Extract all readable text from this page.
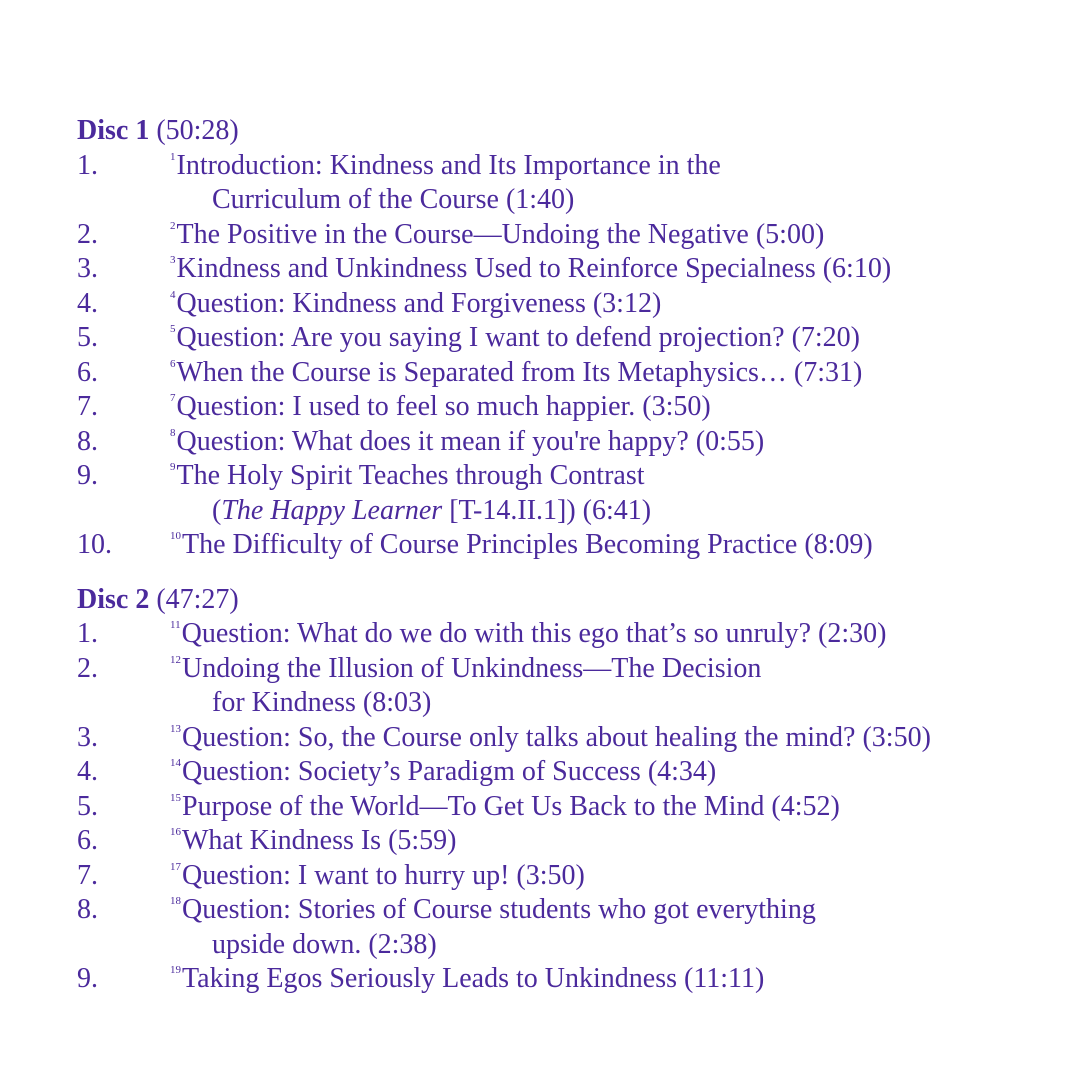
Disc 1 (50:28)
1.	$^1$Introduction: Kindness and Its Importance in the
Curriculum of the Course (1:40)
2.	$^2$The Positive in the Course—Undoing the Negative (5:00)
3.	$^3$Kindness and Unkindness Used to Reinforce Specialness (6:10)
4.	$^4$Question: Kindness and Forgiveness (3:12)
5.	$^5$Question: Are you saying I want to defend projection? (7:20)
6.	$^6$When the Course is Separated from Its Metaphysics… (7:31)
7.	$^7$Question: I used to feel so much happier. (3:50)
8.	$^8$Question: What does it mean if you're happy? (0:55)
9.	$^9$The Holy Spirit Teaches through Contrast
(The Happy Learner [T-14.II.1]) (6:41)
10.	$^{10}$The Difficulty of Course Principles Becoming Practice (8:09)
Disc 2 (47:27)
1.	$^{11}$Question: What do we do with this ego that’s so unruly? (2:30)
2.	$^{12}$Undoing the Illusion of Unkindness—The Decision
for Kindness (8:03)
3.	$^{13}$Question: So, the Course only talks about healing the mind? (3:50)
4.	$^{14}$Question: Society’s Paradigm of Success (4:34)
5.	$^{15}$Purpose of the World—To Get Us Back to the Mind (4:52)
6.	$^{16}$What Kindness Is (5:59)
7.	$^{17}$Question: I want to hurry up! (3:50)
8.	$^{18}$Question: Stories of Course students who got everything
upside down. (2:38)
9.	$^{19}$Taking Egos Seriously Leads to Unkindness (11:11)
